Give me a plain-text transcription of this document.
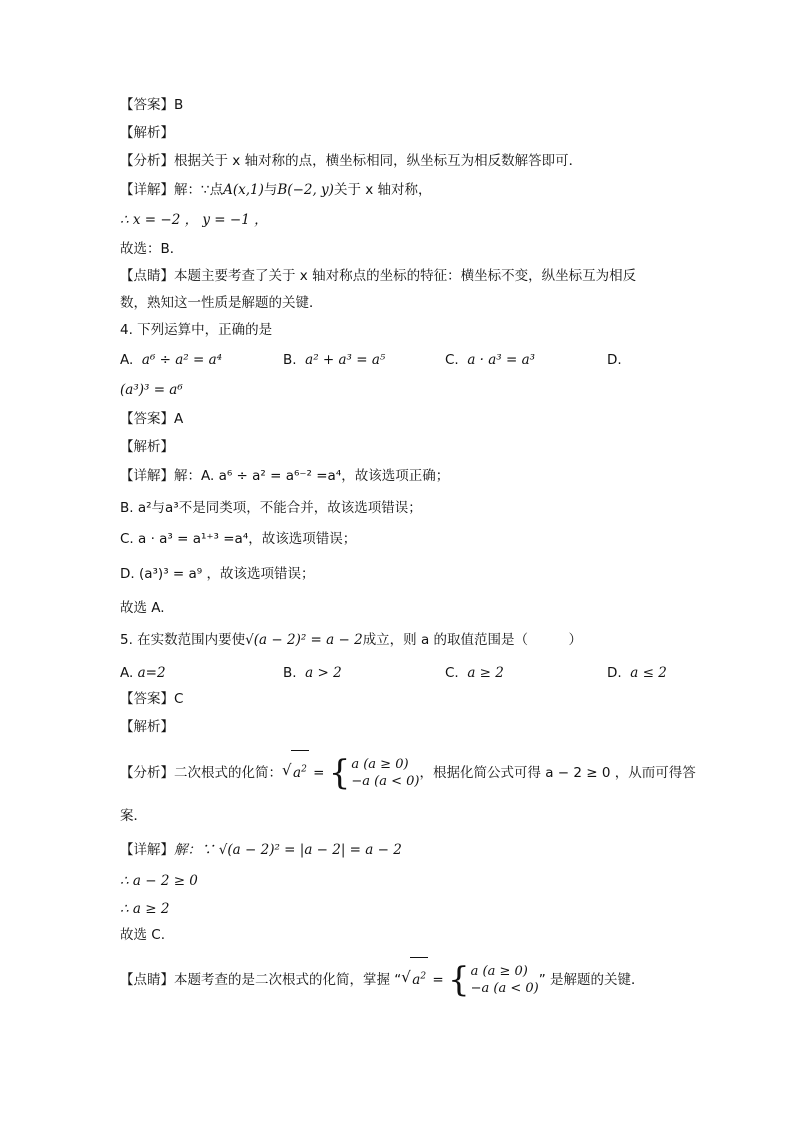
【答案】B
【解析】
【分析】根据关于 x 轴对称的点，横坐标相同，纵坐标互为相反数解答即可．
【详解】解：∵点A(x,1)与B(−2, y)关于 x 轴对称，
∴ x = −2 ， y = −1 ，
故选：B．
【点睛】本题主要考查了关于 x 轴对称点的坐标的特征：横坐标不变，纵坐标互为相反
数，熟知这一性质是解题的关键．
4. 下列运算中，正确的是
A. a⁶ ÷ a² = a⁴	B. a² + a³ = a⁵	C. a · a³ = a³	D.
(a³)³ = a⁶
【答案】A
【解析】
【详解】解：A. a⁶ ÷ a² = a⁶⁻² =a⁴，故该选项正确；
B. a²与a³不是同类项，不能合并，故该选项错误；
C. a · a³ = a¹⁺³ =a⁴，故该选项错误；
D. (a³)³ = a⁹ ，故该选项错误；
故选 A.
5. 在实数范围内要使√(a − 2)² = a − 2成立，则 a 的取值范围是（　　　）
A. a=2	B. a > 2	C. a ≥ 2	D. a ≤ 2
【答案】C
【解析】
【分析】二次根式的化简： √ $a^2$ = { a (a ≥ 0)
−a (a < 0)
，根据化简公式可得 a − 2 ≥ 0 ，从而可得答
案．
【详解】解：∵ √(a − 2)² = |a − 2| = a − 2
∴ a − 2 ≥ 0
∴ a ≥ 2
故选 C.
【点睛】本题考查的是二次根式的化简，掌握 “ √ $a^2$ = { a (a ≥ 0)
−a (a < 0)
” 是解题的关键．
